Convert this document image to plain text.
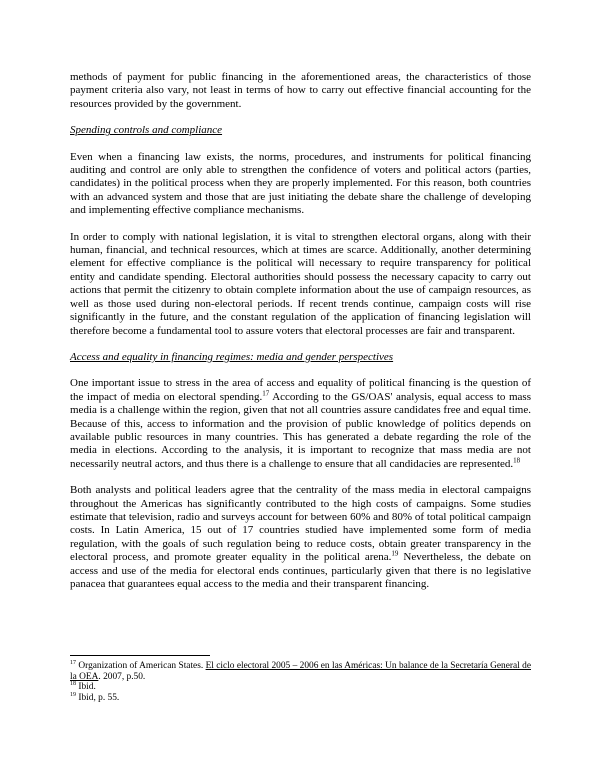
methods of payment for public financing in the aforementioned areas, the characteristics of those payment criteria also vary, not least in terms of how to carry out effective financial accounting for the resources provided by the government.

Spending controls and compliance

Even when a financing law exists, the norms, procedures, and instruments for political financing auditing and control are only able to strengthen the confidence of voters and political actors (parties, candidates) in the political process when they are properly implemented. For this reason, both countries with an advanced system and those that are just initiating the debate share the challenge of developing and implementing effective compliance mechanisms.

In order to comply with national legislation, it is vital to strengthen electoral organs, along with their human, financial, and technical resources, which at times are scarce. Additionally, another determining element for effective compliance is the political will necessary to require transparency for political entity and candidate spending. Electoral authorities should possess the necessary capacity to carry out actions that permit the citizenry to obtain complete information about the use of campaign resources, as well as those used during non-electoral periods. If recent trends continue, campaign costs will rise significantly in the future, and the constant regulation of the application of financing legislation will therefore become a fundamental tool to assure voters that electoral processes are fair and transparent.

Access and equality in financing regimes: media and gender perspectives

One important issue to stress in the area of access and equality of political financing is the question of the impact of media on electoral spending.$^{17}$ According to the GS/OAS' analysis, equal access to mass media is a challenge within the region, given that not all countries assure candidates free and equal time. Because of this, access to information and the provision of public knowledge of politics depends on available public resources in many countries. This has generated a debate regarding the role of the media in elections. According to the analysis, it is important to recognize that mass media are not necessarily neutral actors, and thus there is a challenge to ensure that all candidacies are represented.$^{18}$

Both analysts and political leaders agree that the centrality of the mass media in electoral campaigns throughout the Americas has significantly contributed to the high costs of campaigns. Some studies estimate that television, radio and surveys account for between 60% and 80% of total political campaign costs. In Latin America, 15 out of 17 countries studied have implemented some form of media regulation, with the goals of such regulation being to reduce costs, obtain greater transparency in the electoral process, and promote greater equality in the political arena.$^{19}$ Nevertheless, the debate on access and use of the media for electoral ends continues, particularly given that there is no legislative panacea that guarantees equal access to the media and their transparent financing.

$^{17}$ Organization of American States. El ciclo electoral 2005 – 2006 en las Américas: Un balance de la Secretaría General de la OEA. 2007, p.50.

$^{18}$ Ibid.

$^{19}$ Ibid, p. 55.
